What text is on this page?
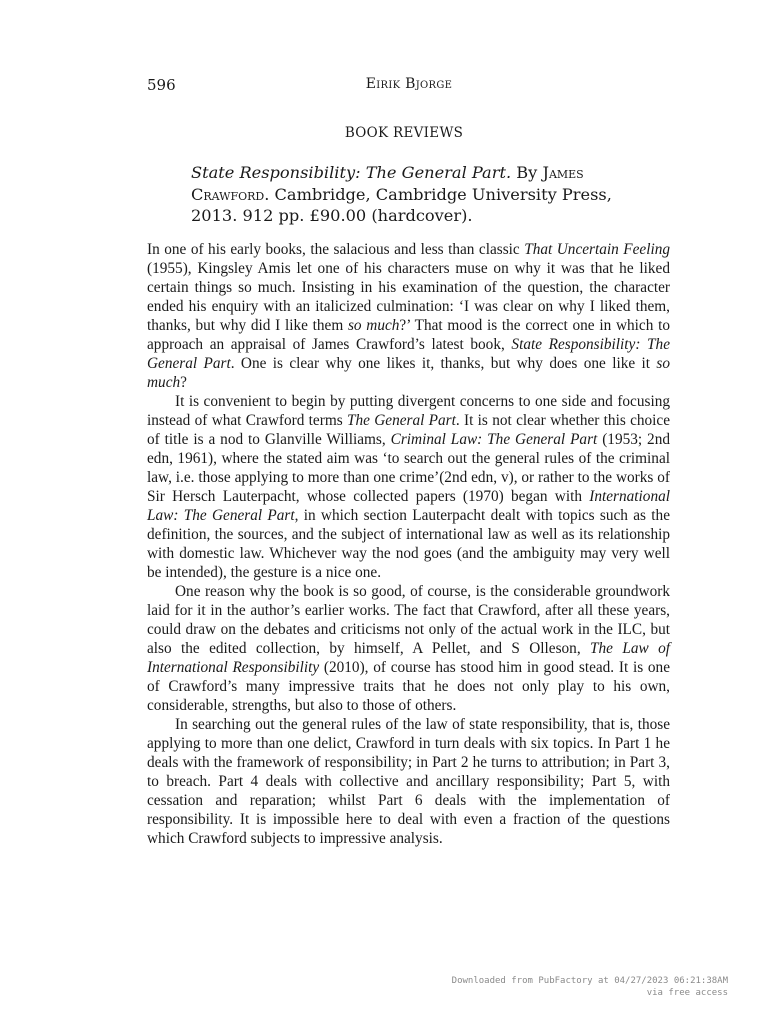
596	Eirik Bjorge
BOOK REVIEWS
State Responsibility: The General Part. By James Crawford. Cambridge, Cambridge University Press, 2013. 912 pp. £90.00 (hardcover).

In one of his early books, the salacious and less than classic That Uncertain Feeling (1955), Kingsley Amis let one of his characters muse on why it was that he liked certain things so much. Insisting in his examination of the question, the character ended his enquiry with an italicized culmination: ‘I was clear on why I liked them, thanks, but why did I like them so much?’ That mood is the correct one in which to approach an appraisal of James Crawford’s latest book, State Responsibility: The General Part. One is clear why one likes it, thanks, but why does one like it so much?

It is convenient to begin by putting divergent concerns to one side and focusing instead of what Crawford terms The General Part. It is not clear whether this choice of title is a nod to Glanville Williams, Criminal Law: The General Part (1953; 2nd edn, 1961), where the stated aim was ‘to search out the general rules of the criminal law, i.e. those applying to more than one crime’(2nd edn, v), or rather to the works of Sir Hersch Lauterpacht, whose collected papers (1970) began with International Law: The General Part, in which section Lauterpacht dealt with topics such as the definition, the sources, and the subject of international law as well as its relationship with domestic law. Whichever way the nod goes (and the ambiguity may very well be intended), the gesture is a nice one.

One reason why the book is so good, of course, is the considerable groundwork laid for it in the author’s earlier works. The fact that Crawford, after all these years, could draw on the debates and criticisms not only of the actual work in the ILC, but also the edited collection, by himself, A Pellet, and S Olleson, The Law of International Responsibility (2010), of course has stood him in good stead. It is one of Crawford’s many impressive traits that he does not only play to his own, considerable, strengths, but also to those of others.

In searching out the general rules of the law of state responsibility, that is, those applying to more than one delict, Crawford in turn deals with six topics. In Part 1 he deals with the framework of responsibility; in Part 2 he turns to attribution; in Part 3, to breach. Part 4 deals with collective and ancillary responsibility; Part 5, with cessation and reparation; whilst Part 6 deals with the implementation of responsibility. It is impossible here to deal with even a fraction of the questions which Crawford subjects to impressive analysis.

Downloaded from PubFactory at 04/27/2023 06:21:38AM
via free access
